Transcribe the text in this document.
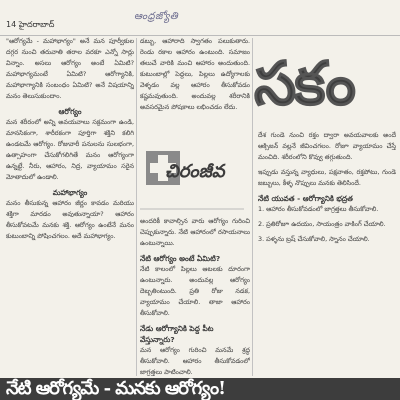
14 హైదరాబాద్
ఆంధ్రజ్యోతి

"ఆరోగ్యమే - మహాభాగ్యం" అనే మన పూర్వీకుల దగ్గర నుంచి తరువాతి తరాల వరకూ ఎన్నో సార్లు విన్నాం. అసలు ఆరోగ్యం అంటే ఏమిటి? మహాభాగ్యమంటే ఏమిటి? ఆరోగ్యానికి, మహాభాగ్యానికి సంబంధం ఏమిటి? అనే విషయాన్ని మనం తెలుసుకుందాం.

ఆరోగ్యం

మన శరీరంలో అన్ని అవయవాలు సక్రమంగా ఉండి, మానసికంగా, శారీరకంగా పూర్తిగా శక్తిని కలిగి ఉండటమే ఆరోగ్యం. రోజువారీ పనులను సులభంగా, ఉత్సాహంగా చేసుకోగలిగితే మనం ఆరోగ్యంగా ఉన్నట్టే. నీరు, ఆహారం, నిద్ర, వ్యాయామం సరైన మోతాదులో ఉండాలి.

మహాభాగ్యం

మనం తీసుకున్న ఆహారం జీర్ణం కావడం మరియు శక్తిగా మారడం అవుతున్నాయా? ఆహారం తీసుకోవటమే మనకు శక్తి. ఆరోగ్యం ఉంటేనే మనం కుటుంబాన్ని పోషించగలం. అదే మహాభాగ్యం.

డబ్బు, ఆహారాది స్వాగతం పలుకుతారు. రెండు రకాల ఆహారం ఉంటుంది. సమాజం తలుచే వారికి మంచి ఆహారం అందుతుంది. కుటుంబాల్లో పెద్దలు, పిల్లలు ఉద్యోగాలకు వెళ్ళడం వల్ల ఆహారం తీసుకోవడం కష్టమవుతుంది. అందువల్ల శరీరానికి అవసరమైన పోషకాలు లభించడం లేదు.

చిరంజీవ

అందరికీ కావాల్సిన వారు ఆరోగ్యం గురించి చెప్పుకున్నారు. నేటి ఆహారంలో రసాయనాలు ఉంటున్నాయి.

నేటి ఆరోగ్యం అంటే ఏమిటి?

నేటి కాలంలో పిల్లలు ఆటలకు దూరంగా ఉంటున్నారు. అందువల్ల ఆరోగ్యం దెబ్బతింటుంది. ప్రతి రోజు నడక, వ్యాయామం చేయాలి. తాజా ఆహారం తీసుకోవాలి.

నేడు ఆరోగ్యానికి పెద్ద పీట వేస్తున్నారు?

మన ఆరోగ్యం గురించి మనమే శ్రద్ధ తీసుకోవాలి. ఆహారం తీసుకోవడంలో జాగ్రత్తలు పాటించాలి.

సకం

దేశ గుండె నుంచి రక్తం ద్వారా అవయవాలకు అందే ఆక్సిజన్ వల్లనే జీవించగలం. రోజూ వ్యాయామం చేస్తే మంచిది. శరీరంలోని కొవ్వు తగ్గుతుంది.

ఇప్పుడు వస్తున్న వ్యాధులు, పక్షవాతం, రక్తపోటు, గుండె జబ్బులు, కీళ్ళ నొప్పులు మనకు తెలిసిందే.

నేటి యువత - ఆరోగ్యానికి భద్రత

1. ఆహారం తీసుకోవడంలో జాగ్రత్తలు తీసుకోవాలి.

2. ప్రతిరోజూ ఉదయం, సాయంత్రం వాకింగ్ చేయాలి.

3. పళ్ళను బ్రష్ చేసుకోవాలి, స్నానం చేయాలి.

నేటి ఆరోగ్యమే - మనకు ఆరోగ్యం!
